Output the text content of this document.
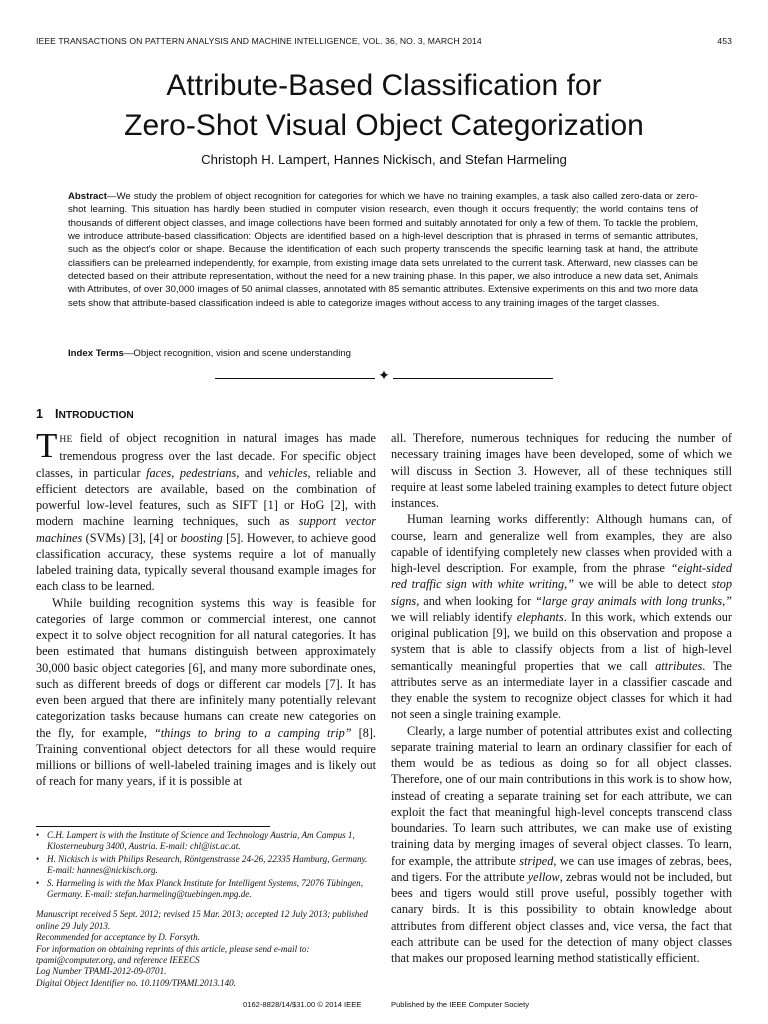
IEEE TRANSACTIONS ON PATTERN ANALYSIS AND MACHINE INTELLIGENCE, VOL. 36, NO. 3, MARCH 2014	453
Attribute-Based Classification for
Zero-Shot Visual Object Categorization
Christoph H. Lampert, Hannes Nickisch, and Stefan Harmeling

Abstract—We study the problem of object recognition for categories for which we have no training examples, a task also called zero-data or zero-shot learning. This situation has hardly been studied in computer vision research, even though it occurs frequently; the world contains tens of thousands of different object classes, and image collections have been formed and suitably annotated for only a few of them. To tackle the problem, we introduce attribute-based classification: Objects are identified based on a high-level description that is phrased in terms of semantic attributes, such as the object's color or shape. Because the identification of each such property transcends the specific learning task at hand, the attribute classifiers can be prelearned independently, for example, from existing image data sets unrelated to the current task. Afterward, new classes can be detected based on their attribute representation, without the need for a new training phase. In this paper, we also introduce a new data set, Animals with Attributes, of over 30,000 images of 50 animal classes, annotated with 85 semantic attributes. Extensive experiments on this and two more data sets show that attribute-based classification indeed is able to categorize images without access to any training images of the target classes.

Index Terms—Object recognition, vision and scene understanding

✦
1 INTRODUCTION

THE field of object recognition in natural images has made tremendous progress over the last decade. For specific object classes, in particular faces, pedestrians, and vehicles, reliable and efficient detectors are available, based on the combination of powerful low-level features, such as SIFT [1] or HoG [2], with modern machine learning techniques, such as support vector machines (SVMs) [3], [4] or boosting [5]. However, to achieve good classification accuracy, these systems require a lot of manually labeled training data, typically several thousand example images for each class to be learned.

While building recognition systems this way is feasible for categories of large common or commercial interest, one cannot expect it to solve object recognition for all natural categories. It has been estimated that humans distinguish between approximately 30,000 basic object categories [6], and many more subordinate ones, such as different breeds of dogs or different car models [7]. It has even been argued that there are infinitely many potentially relevant categorization tasks because humans can create new categories on the fly, for example, “things to bring to a camping trip” [8]. Training conventional object detectors for all these would require millions or billions of well-labeled training images and is likely out of reach for many years, if it is possible at

all. Therefore, numerous techniques for reducing the number of necessary training images have been developed, some of which we will discuss in Section 3. However, all of these techniques still require at least some labeled training examples to detect future object instances.

Human learning works differently: Although humans can, of course, learn and generalize well from examples, they are also capable of identifying completely new classes when provided with a high-level description. For example, from the phrase “eight-sided red traffic sign with white writing,” we will be able to detect stop signs, and when looking for “large gray animals with long trunks,” we will reliably identify elephants. In this work, which extends our original publication [9], we build on this observation and propose a system that is able to classify objects from a list of high-level semantically meaningful properties that we call attributes. The attributes serve as an intermediate layer in a classifier cascade and they enable the system to recognize object classes for which it had not seen a single training example.

Clearly, a large number of potential attributes exist and collecting separate training material to learn an ordinary classifier for each of them would be as tedious as doing so for all object classes. Therefore, one of our main contributions in this work is to show how, instead of creating a separate training set for each attribute, we can exploit the fact that meaningful high-level concepts transcend class boundaries. To learn such attributes, we can make use of existing training data by merging images of several object classes. To learn, for example, the attribute striped, we can use images of zebras, bees, and tigers. For the attribute yellow, zebras would not be included, but bees and tigers would still prove useful, possibly together with canary birds. It is this possibility to obtain knowledge about attributes from different object classes and, vice versa, the fact that each attribute can be used for the detection of many object classes that makes our proposed learning method statistically efficient.

• C.H. Lampert is with the Institute of Science and Technology Austria, Am Campus 1, Klosterneuburg 3400, Austria. E-mail: chl@ist.ac.at.
• H. Nickisch is with Philips Research, Röntgenstrasse 24-26, 22335 Hamburg, Germany. E-mail: hannes@nickisch.org.
• S. Harmeling is with the Max Planck Institute for Intelligent Systems, 72076 Tübingen, Germany. E-mail: stefan.harmeling@tuebingen.mpg.de.
Manuscript received 5 Sept. 2012; revised 15 Mar. 2013; accepted 12 July 2013; published online 29 July 2013.
Recommended for acceptance by D. Forsyth.
For information on obtaining reprints of this article, please send e-mail to: tpami@computer.org, and reference IEEECS
Log Number TPAMI-2012-09-0701.
Digital Object Identifier no. 10.1109/TPAMI.2013.140.
0162-8828/14/$31.00 © 2014 IEEE	Published by the IEEE Computer Society
